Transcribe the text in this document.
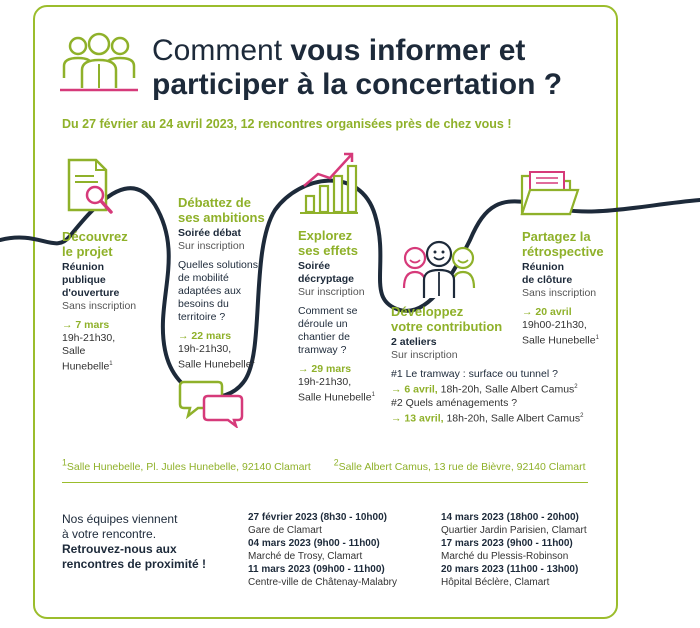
Comment vous informer et
participer à la concertation ?
Du 27 février au 24 avril 2023, 12 rencontres organisées près de chez vous !
Découvrez
le projet
Réunion
publique
d'ouverture
Sans inscription
→ 7 mars
19h-21h30,
Salle
Hunebelle$^1$
Débattez de
ses ambitions
Soirée débat
Sur inscription
Quelles solutions
de mobilité
adaptées aux
besoins du
territoire ?
→ 22 mars
19h-21h30,
Salle Hunebelle$^1$
Explorez
ses effets
Soirée
décryptage
Sur inscription
Comment se
déroule un
chantier de
tramway ?
→ 29 mars
19h-21h30,
Salle Hunebelle$^1$
Développez
votre contribution
2 ateliers
Sur inscription
#1 Le tramway : surface ou tunnel ?
→ 6 avril, 18h-20h, Salle Albert Camus$^2$
#2 Quels aménagements ?
→ 13 avril, 18h-20h, Salle Albert Camus$^2$
Partagez la
rétrospective
Réunion
de clôture
Sans inscription
→ 20 avril
19h00-21h30,
Salle Hunebelle$^1$
$^1$Salle Hunebelle, Pl. Jules Hunebelle, 92140 Clamart	$^2$Salle Albert Camus, 13 rue de Bièvre, 92140 Clamart
Nos équipes viennent
à votre rencontre.
Retrouvez-nous aux
rencontres de proximité !
27 février 2023 (8h30 - 10h00)
Gare de Clamart
04 mars 2023 (9h00 - 11h00)
Marché de Trosy, Clamart
11 mars 2023 (09h00 - 11h00)
Centre-ville de Châtenay-Malabry
14 mars 2023 (18h00 - 20h00)
Quartier Jardin Parisien, Clamart
17 mars 2023 (9h00 - 11h00)
Marché du Plessis-Robinson
20 mars 2023 (11h00 - 13h00)
Hôpital Béclère, Clamart
